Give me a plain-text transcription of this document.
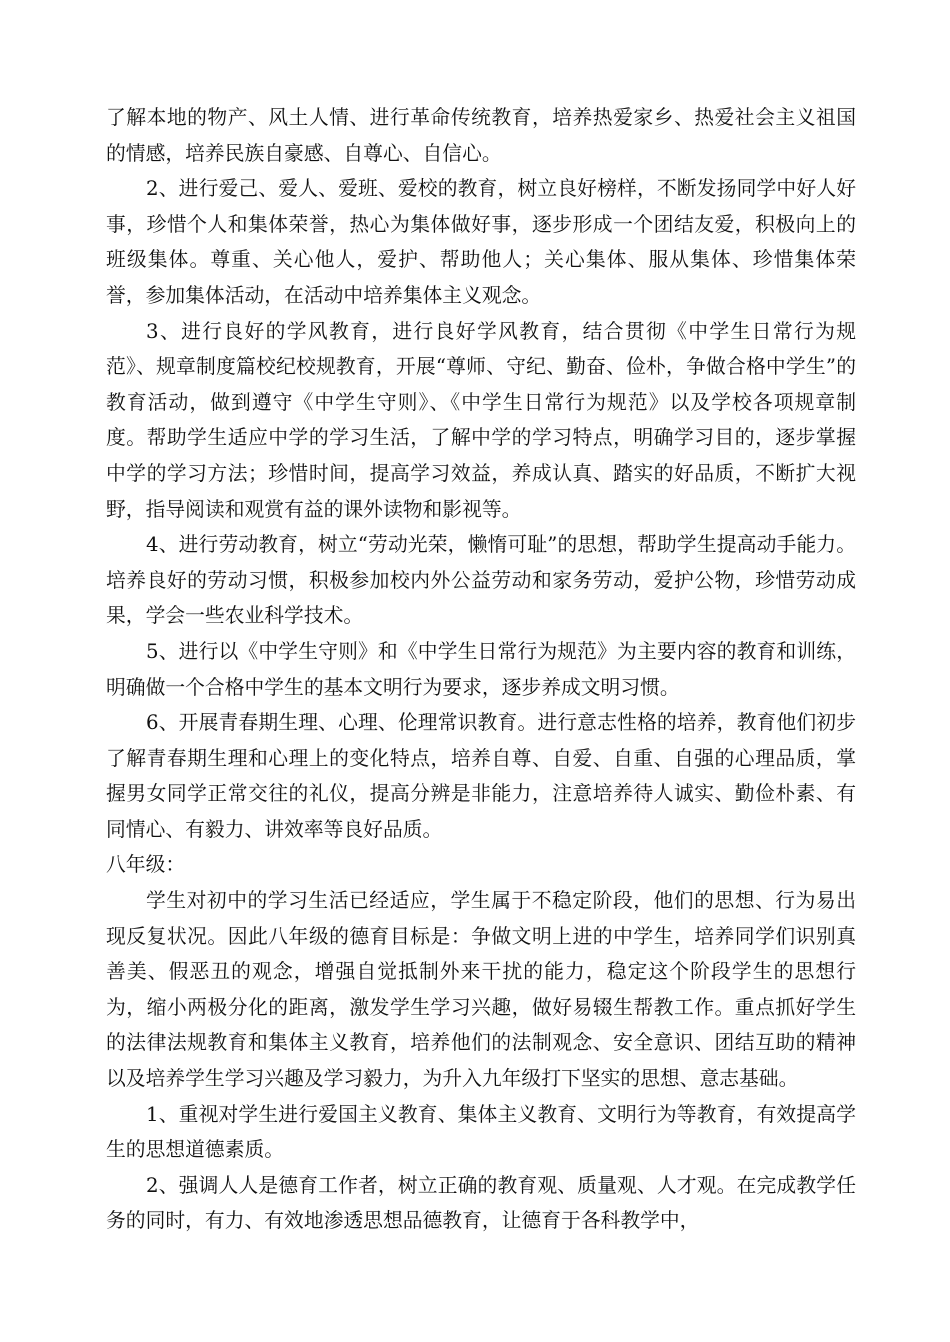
了解本地的物产、风土人情、进行革命传统教育，培养热爱家乡、热爱社会主义祖国的情感，培养民族自豪感、自尊心、自信心。

2、进行爱己、爱人、爱班、爱校的教育，树立良好榜样，不断发扬同学中好人好事，珍惜个人和集体荣誉，热心为集体做好事，逐步形成一个团结友爱，积极向上的班级集体。尊重、关心他人，爱护、帮助他人；关心集体、服从集体、珍惜集体荣誉，参加集体活动，在活动中培养集体主义观念。

3、进行良好的学风教育，进行良好学风教育，结合贯彻《中学生日常行为规范》、规章制度篇校纪校规教育，开展“尊师、守纪、勤奋、俭朴，争做合格中学生”的教育活动，做到遵守《中学生守则》、《中学生日常行为规范》以及学校各项规章制度。帮助学生适应中学的学习生活，了解中学的学习特点，明确学习目的，逐步掌握中学的学习方法；珍惜时间，提高学习效益，养成认真、踏实的好品质，不断扩大视野，指导阅读和观赏有益的课外读物和影视等。

4、进行劳动教育，树立“劳动光荣，懒惰可耻”的思想，帮助学生提高动手能力。培养良好的劳动习惯，积极参加校内外公益劳动和家务劳动，爱护公物，珍惜劳动成果，学会一些农业科学技术。

5、进行以《中学生守则》和《中学生日常行为规范》为主要内容的教育和训练，明确做一个合格中学生的基本文明行为要求，逐步养成文明习惯。

6、开展青春期生理、心理、伦理常识教育。进行意志性格的培养，教育他们初步了解青春期生理和心理上的变化特点，培养自尊、自爱、自重、自强的心理品质，掌握男女同学正常交往的礼仪，提高分辨是非能力，注意培养待人诚实、勤俭朴素、有同情心、有毅力、讲效率等良好品质。

八年级：

学生对初中的学习生活已经适应，学生属于不稳定阶段，他们的思想、行为易出现反复状况。因此八年级的德育目标是：争做文明上进的中学生，培养同学们识别真善美、假恶丑的观念，增强自觉抵制外来干扰的能力，稳定这个阶段学生的思想行为，缩小两极分化的距离，激发学生学习兴趣，做好易辍生帮教工作。重点抓好学生的法律法规教育和集体主义教育，培养他们的法制观念、安全意识、团结互助的精神以及培养学生学习兴趣及学习毅力，为升入九年级打下坚实的思想、意志基础。

1、重视对学生进行爱国主义教育、集体主义教育、文明行为等教育，有效提高学生的思想道德素质。

2、强调人人是德育工作者，树立正确的教育观、质量观、人才观。在完成教学任务的同时，有力、有效地渗透思想品德教育，让德育于各科教学中，
